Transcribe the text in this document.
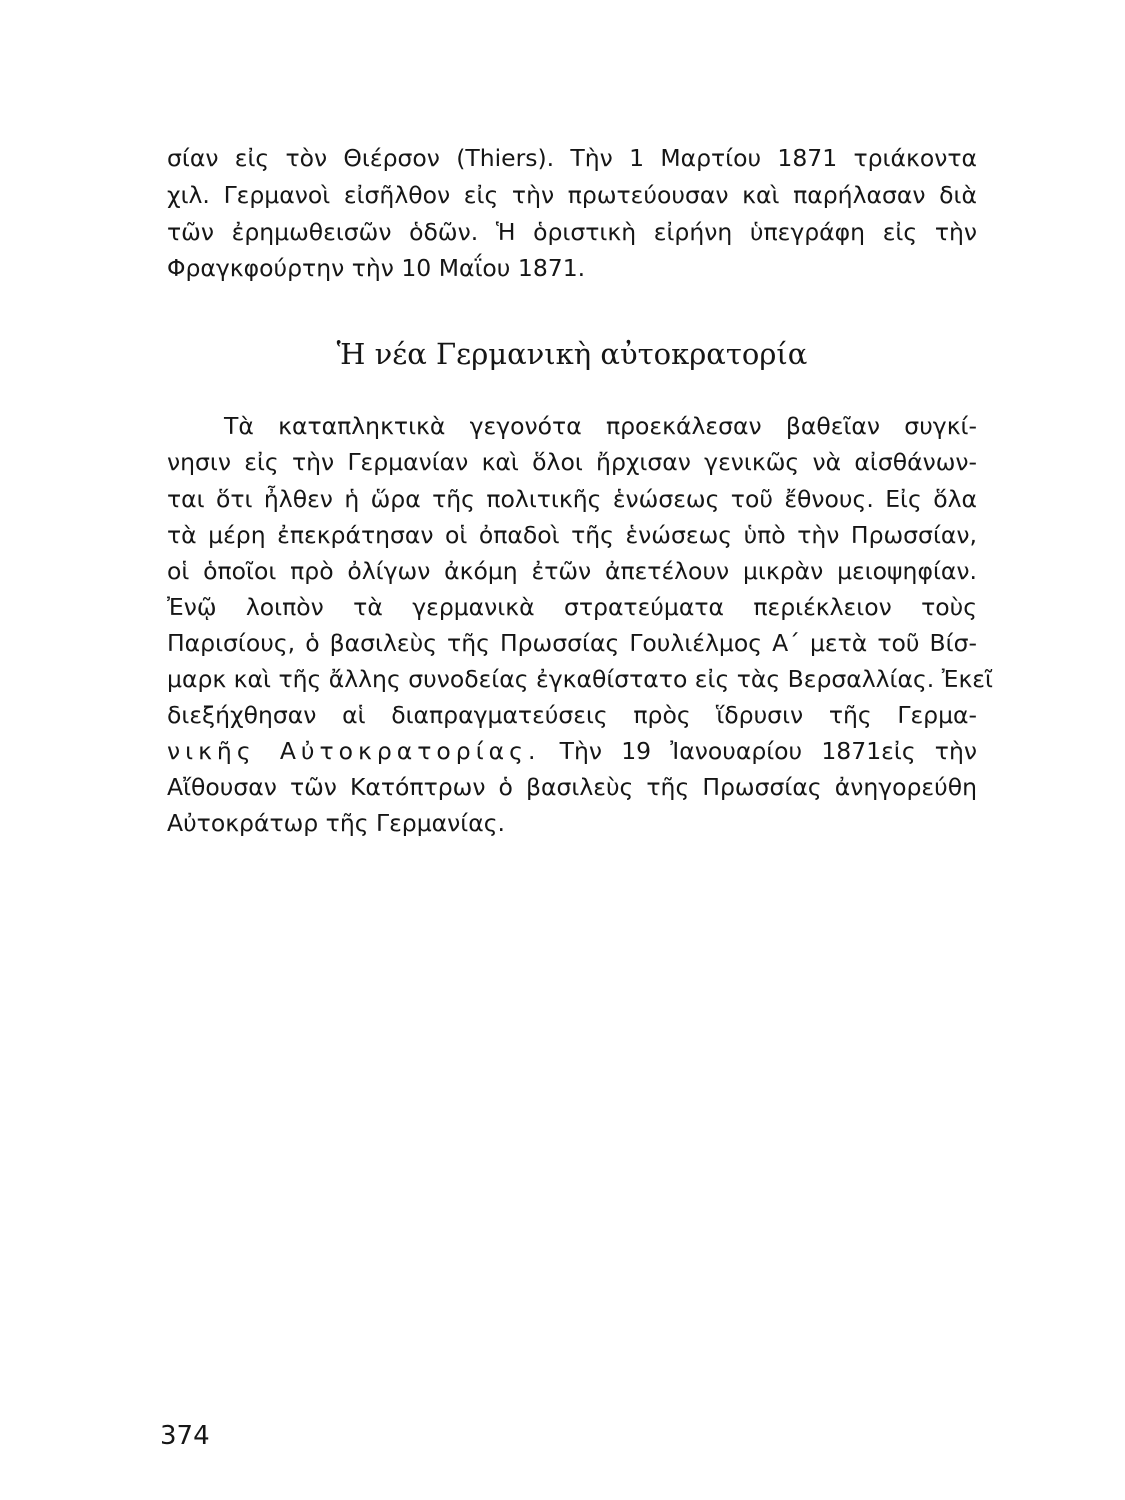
σίαν εἰς τὸν Θιέρσον (Thiers). Τὴν 1 Μαρτίου 1871 τριάκοντα
χιλ. Γερμανοὶ εἰσῆλθον εἰς τὴν πρωτεύουσαν καὶ παρήλασαν διὰ
τῶν ἐρημωθεισῶν ὁδῶν. Ἡ ὁριστικὴ εἰρήνη ὑπεγράφη εἰς τὴν
Φραγκφούρτην τὴν 10 Μαΐου 1871.
Ἡ νέα Γερμανικὴ αὐτοκρατορία
Τὰ καταπληκτικὰ γεγονότα προεκάλεσαν βαθεῖαν συγκί-
νησιν εἰς τὴν Γερμανίαν καὶ ὅλοι ἤρχισαν γενικῶς νὰ αἰσθάνων-
ται ὅτι ἦλθεν ἡ ὥρα τῆς πολιτικῆς ἑνώσεως τοῦ ἔθνους. Εἰς ὅλα
τὰ μέρη ἐπεκράτησαν οἱ ὀπαδοὶ τῆς ἑνώσεως ὑπὸ τὴν Πρωσσίαν,
οἱ ὁποῖοι πρὸ ὀλίγων ἀκόμη ἐτῶν ἀπετέλουν μικρὰν μειοψηφίαν.
Ἐνῷ λοιπὸν τὰ γερμανικὰ στρατεύματα περιέκλειον τοὺς
Παρισίους, ὁ βασιλεὺς τῆς Πρωσσίας Γουλιέλμος Α΄ μετὰ τοῦ Βίσ-
μαρκ καὶ τῆς ἄλλης συνοδείας ἐγκαθίστατο εἰς τὰς Βερσαλλίας. Ἐκεῖ
διεξήχθησαν αἱ διαπραγματεύσεις πρὸς ἵδρυσιν τῆς Γερμα-
νικῆς Αὐτοκρατορίας. Τὴν 19 Ἰανουαρίου 1871εἰς τὴν
Αἴθουσαν τῶν Κατόπτρων ὁ βασιλεὺς τῆς Πρωσσίας ἀνηγορεύθη
Αὐτοκράτωρ τῆς Γερμανίας.
374
